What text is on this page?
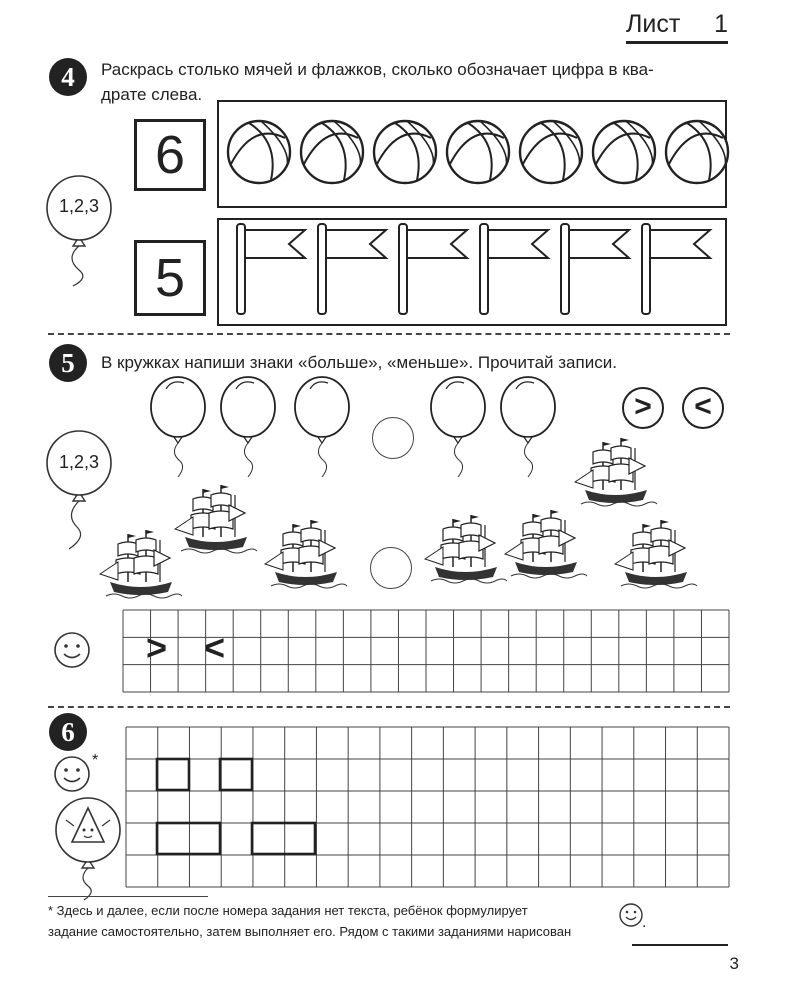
Лист 1
4	Раскрась столько мячей и флажков, сколько обозначает цифра в ква-
драте слева.
1,2,3
6
5
5	В кружках напиши знаки «больше», «меньше». Прочитай записи.
1,2,3
>	<
> <
6
*
* Здесь и далее, если после номера задания нет текста, ребёнок формулирует
задание самостоятельно, затем выполняет его. Рядом с такими заданиями нарисован
.
3
